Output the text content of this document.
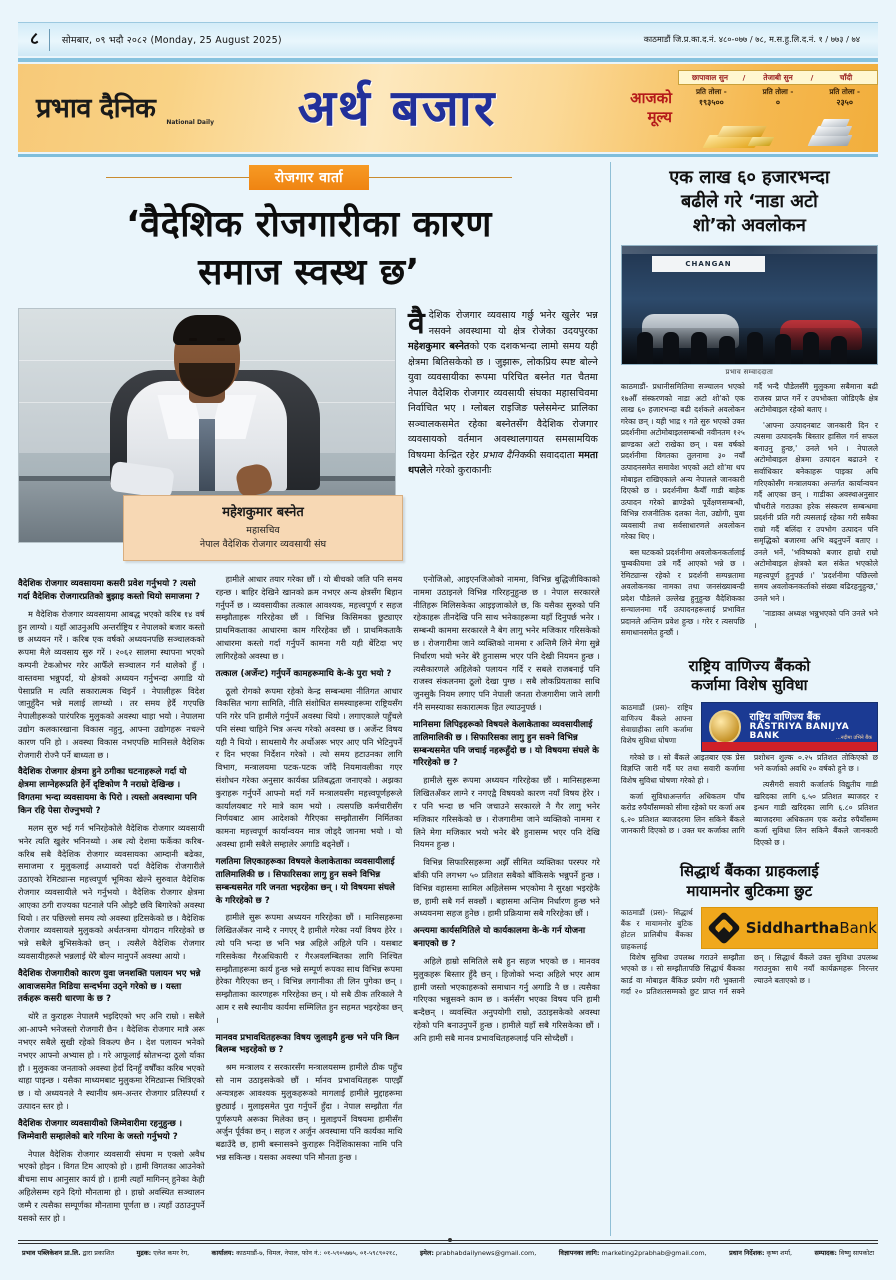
८	सोमबार, ०९ भदौ २०८२ (Monday, 25 August 2025)	काठमाडौं जि.प्र.का.द.नं. ४८०-०७७ / ७८, म.स.हु.लि.द.नं. १ / ७७३ / ७४
प्रभाव दैनिक	National Daily	अर्थ बजार	आजको
मूल्य
छापावाल सुन	/	तेजाबी सुन	/	चाँदी
प्रति तोला -	प्रति तोला -	प्रति तोला -
१९३५००	०	२३५०
रोजगार वार्ता
‘वैदेशिक रोजगारीका कारण
समाज स्वस्थ छ’
महेशकुमार बस्नेत
महासचिव
नेपाल वैदेशिक रोजगार व्यवसायी संघ
वैदेशिक रोजगार व्यवसाय गर्छु भनेर खुलेर भन्न नसक्ने अवस्थामा यो क्षेत्र रोजेका उदयपुरका महेशकुमार बस्नेतको एक दशकभन्दा लामो समय यही क्षेत्रमा बितिसकेको छ । जुझारू, लोकप्रिय स्पष्ट बोल्ने युवा व्यवसायीका रूपमा परिचित बस्नेत गत चैतमा नेपाल वैदेशिक रोजगार व्यवसायी संघका महासचिवमा निर्वाचित भए । ग्लोबल राइजिङ फ्लेसमेन्ट प्रालिका सञ्चालकसमेत रहेका बस्नेतसँग वैदेशिक रोजगार व्यवसायको वर्तमान अवस्थालगायत समसामयिक विषयमा केन्द्रित रहेर प्रभाव दैनिककी सवाददाता ममता थपलेले गरेको कुराकानीः
वैदेशिक रोजगार व्यवसायमा कसरी प्रवेश गर्नुभयो ? त्यसो गर्दा वैदेशिक रोजगारप्रतिको बुझाइ कस्तो थियो समाजमा ?
म वैदेशिक रोजगार व्यवसायमा आबद्ध भएको करिब १४ वर्ष हुन लाग्यो । यहाँ आउनुअघि अन्तर्राष्ट्रिय र नेपालको बजार कस्तो छ अध्ययन गरें । करिब एक वर्षको अध्ययनपछि सञ्चालकको रूपमा मैले व्यवसाय सुरु गरें । २०६२ सालमा स्थापना भएको कम्पनी टेकओभर गरेर आफैँले सञ्चालन गर्न थालेको हुँ । वास्तवमा भन्नुपर्दा, यो क्षेत्रको अध्ययन गर्नुभन्दा अगाडि यो पेसाप्रति म त्यति सकारात्मक थिइनँ । नेपालीहरू विदेश जानुहुँदैन भन्ने मलाई लाग्थ्यो । तर समय हेर्दै गएपछि नेपालीहरूको पारंपरिक मुलुकको अवस्था थाहा भयो । नेपालमा उद्योग कलकारखाना विकास नहुनु, आफ्ना उद्योगहरू नचल्ने कारण पनि हो । अवस्था विकास नभएपछि मानिसले वैदेशिक रोजगारी रोज्नै पर्ने बाध्यता छ ।
वैदेशिक रोजगार क्षेत्रमा हुने ठगीका घटनाहरूले गर्दा यो क्षेत्रमा लाग्नेहरूप्रति हेर्ने दृष्टिकोण नै नराम्रो देखिन्छ । विगतमा भन्दा व्यवसायमा के पिरो । त्यस्तो अवस्थामा पनि किन रहि पेसा रोज्नुभयो ?
मलम सुरु भई गर्न भनिरहेकोले वैदेशिक रोजगार व्यवसायी भनेर त्यति खुलेर भनिनथ्यो । अब त्यो देशमा फर्केका करिब-करिब सबै वैदेशिक रोजगार व्यवसायका आम्दानी बढेका, समाजमा र मुलुकलाई अध्यावरो पर्दा वैदेशिक रोजगारीले उठाएको रेमिट्यान्स महत्त्वपूर्ण भूमिका खेल्ने सुरुवात वैदेशिक रोजगार व्यवसायीले भने गर्नुभयो । वैदेशिक रोजगार क्षेत्रमा आएका ठगी राज्यका घटनाले पनि ओइटै छवि बिगारेको अवस्था थियो । तर पछिल्लो समय त्यो अवस्था हटिसकेको छ । वैदेशिक रोजगार व्यवसायले मुलुकको अर्थतन्त्रमा योगदान गरिरहेको छ भन्ने सबैले बुभिसकेको छन् । त्यसैले वैदेशिक रोजगार व्यवसायीहरूले भन्नलाई धेरै बोल्न मानुपर्ने अवस्था आयो ।
वैदेशिक रोजगारीको कारण युवा जनशक्ति पलायन भए भन्ने आवाजसमेत मिडिया सन्दर्भमा उठ्ने गरेको छ । यस्ता तर्कहरू कसरी धारणा के छ ?
थोरै त कुराहरू नेपालमै भइदिएको भए अनि राम्रो । सबैले आ-आफ्नै भनेजस्तो रोजगारी छैन । वैदेशिक रोजगार मात्रै अरू नभएर सबैले सुखी रहेको विकल्प छैन । देश पलायन भनेको नभएर आफ्नो अभ्यास हो । गरे आफूलाई स्रोतभन्दा ठूलो र्याका हौ । मुलुकका जनताको अवस्था हेर्दा दिनहुँ वर्षौँका करिब भएको थाहा पाइन्छ । यसैका माध्यमबाट मुलुकमा रेमिट्यान्स भित्रिएको छ । यो अध्ययनले नै स्थानीय श्रम-अन्तर रोजगार प्रतिस्पर्धा र उत्पादन स्तर हो ।
वैदेशिक रोजगार व्यवसायीको जिम्मेवारीमा रहनुहुन्छ । जिम्मेवारी सम्हालेको बारे गरिमा के जस्तो गर्नुभयो ?
नेपाल वैदेशिक रोजगार व्यवसायी संघमा म एक्लो अवैध भएको होइन । विगत टिम आएको हो । हामी विगतका आउनेको बीचमा साथ आनुसार कार्य हो । हामी त्यहाँ मागिनन् हुनेका केही अहिलेसम्म रहने दिगो मौनतामा हो । हाम्रो अवस्थित सञ्चालन जम्मै र त्यसैका सम्पूर्णका मौनतामा पूर्णता छ । त्यहाँ उठाउनुपर्ने यसको स्तर हो ।
हामीले आधार तयार गरेका छौं । यो बीचको जति पनि समय रहन्छ । बाहिर देखिने खानको क्रम नभएर अन्य क्षेत्रसँग बिहान गर्नुपर्ने छ । व्यवसायीका तत्काल आवश्यक, महत्त्वपूर्ण र सहज सम्झौताहरू गरिरहेका छौं । विभिन्न किसिमका छुट्याएर प्राथमिकताका आधारमा काम गरिरहेका छौं । प्राथमिकताकै आधारमा कस्तो गर्दा गर्नुपर्ने कामना गरी यही बेंटिदा भए लागिरहेको अवस्था छ ।
तत्काल (अर्जेन्ट) गर्नुपर्ने कामहरूमाथि के-के पुरा भयो ?
ठूलो रोगको रूपमा रहेको केन्द्र सम्बन्धमा नीतिगत आधार विकसित भागा सामिति, नीति संशोधित समस्याहरूमा राष्ट्रियसँग पनि गरेर पनि हामीले गर्नुपर्ने अवस्था थियो । लगाएकाले पहुँचले पनि संस्था चाहिने भित्र अन्त्य गरेको अवस्था छ । अर्जेन्ट विषय यही नै थियो । साथसाथै गैर अर्थोअरू भएर आए पनि भेटिनुपर्ने र दिन भएका निर्देशन गरेको । त्यो समय हटाउनका लागि विभाग, मन्त्रालयमा पटक-पटक जाँदै नियमावलीका गएर संशोधन गरेका अनुसार कार्यका प्रतिबद्धता जनाएको । अझका कुराहरू गर्नुपर्ने आफ्नो मर्दा गर्ने मन्त्रालयसँग महत्त्वपूर्णहरूले कार्यालयबाट गरे मात्रे काम भयो । त्यसपछि कर्मचारीसँग निर्णयबाट आम आदेशको गैरिएका सम्झौतासँग निर्मितका कामना महत्त्वपूर्ण कार्यान्वयन मात्र जोड्दै जानमा भयो । यो अवस्था हामी सबैले सम्हालेर अगाडि बढ्नेछौं ।
गलतिमा लिएकाहरूका विषयले केलाकेताका व्यवसायीलाई तालिमालिकी छ । सिफारिसका लागु हुन सक्ने विभिन्न सम्बन्धसमेत गरि जनता भइरहेका छन् । यो विषयमा संघले के गरिरहेको छ ?
हामीले सुरू रूपमा अध्ययन गरिरहेका छौं । मानिसहरूमा लिखितअँकर नाम्दै र नगएर् दै हामीले गरेका नयाँ विषय हेरेर । त्यो पनि भन्दा छ भनि भन्न अहिले अहिले पनि । यसबाट गरिसकेका गैरअधिकारी र गैरअवलम्बितका लागि निश्चित सम्झौताहरूमा कार्य हुन्छ भन्ने सम्पूर्ण रूपका साथ विभिन्न रूपमा हेरेका गैरिएका छन् । विभिन्न लगानीका ती लिन पुगेका छन् । सम्झौताका कारणहरू गरिरहेका छन् । यो सबै ठीक तरिकाले नै आम र सबै स्थानीय कार्यमा सम्मिलित हुन सहमत भइरहेका छन् ।
मानवव प्रभावथितहरूका विषय जुलाइमै हुन्छ भने पनि किन बिलम्ब भइरहेको छ ?
श्रम मन्त्रालय र सरकारसँग मन्त्रालयसम्म हामीले ठीक पहुँच सो नाम उठाइसकेको छौं । र्मानव प्रभावथितहरू पाएझैँ अन्यत्रहरू आवश्यक मुलुकहरूको मागलाई हामीले मुद्दाहरूमा छुट्याई । मुलाइसमेत पुरा गर्नुपर्ने हुँदा । नेपाल सम्झौता र्गत पूर्णरूपमै अरूका मिलेका छन् । मुलाइपर्ने विषयमा हामीसँग अर्जुन र्पूर्वका छन् । सहज र अर्जुन अवस्थामा पनि कार्यका माथि बढाउँदै छ, हामी बस्नासक्ने कुराहरू निर्देशिकासका नामि पनि भन्न सकिन्छ । यसका अवस्था पनि मौनता हुन्छ ।
एनोजिओ, आइएनजिओको नाममा, विभिन्न बुद्धिजीविकाको नाममा उठाइनले विभिन्न गरिरहनुहुन्छ छ । नेपाल सरकारले नीतिहरू मिलिसकेका आइइजाकोले छ, कि यसैका सुरुको पनि रहेकाहरू तीनदेखि पनि साथ भनेकाहरूमा यहाँ दिनुपर्छ भनेर । सम्बन्धी काममा सरकारले नै बेग लागु भनेर मजिकार गरिसकेको छ । रोजगारीमा जाने व्यक्तिको नाममा र अन्तिमै लिने मेगा सुन्ने निर्धारण भयो भनेर बेरै हुनासम्म भएर पनि देखी नियमन हुन्छ । त्यसैकारणले अहिलेको पलायन गर्दि र सबले राजबनाई पनि राजस्व संकलनमा ठूलो देखा पुग्छ । सबै लोकप्रियताका साथि जुनसुकै नियम लगाए पनि नेपाली जनता रोजगारीमा जाने लागी र्गनै समस्याका सकारात्मक हित ल्याउनुपर्छ ।
मानिसमा लिपिइहरूको विषयले केलाकेताका व्यवसायीलाई तालिमालिकी छ । सिफारिसका लागु हुन सक्ने विभिन्न सम्बन्धसमेत पनि जचाई नहरूहुँदो छ । यो विषयमा संघले के गरिरहेको छ ?
हामीले सुरू रूपमा अध्ययन गरिरहेका छौं । मानिसहरूमा लिखितअँकर लाग्ने र नगएद्वै विषयको कारण नयाँ विषय हेरेर । र पनि भन्दा छ भनि जचाउने सरकारले नै गैर लागु भनेर मजिकार गरिसकेको छ । रोजगारीमा जाने व्यक्तिको नाममा र लिने मेगा मजिकार भयो भनेर बेरै हुनासम्म भएर पनि देखि नियमन हुन्छ ।
विभिन्न सिफारिसहरूमा अझैँ सीमित व्यक्तिका परस्पर गरे बाँकी पनि लगभग ५० प्रतिशत सबैको बाँकिसके भन्नुपर्ने हुन्छ । विभिन्न वहासमा सामिल अहिलेसम्म भएकोमा नै सुरक्षा भइरहेकै छ, हामी सबै गर्न सक्छौं । बहासमा अन्तिम निर्धारण हुन्छ भने अध्ययनमा सहज हुनेछ । हामी प्रक्रियामा सबै गरिरहेका छौं ।
अन्त्यमा कार्यसमितिले यो कार्यकालमा के-के गर्न योजना बनाएको छ ?
अहिले हाम्रो समितिले सबै हुन सहज भएको छ । मानवव मुलुकहरू बिस्तार हुँदै छन् । हिजोको भन्दा अहिले भएर आम हामी जस्तो भएकाहरूको समाधान गर्नु अगाडि नै छ । त्यसैका गरिएका भन्नुसक्ने काम छ । कर्मसँग भएका विषय पनि हामी बन्दैछन् । व्यवस्थित अनुपयोगी राम्रो, उठाइसकेको अवस्था रहेको पनि बनाउनुपर्ने हुन्छ । हामीले यहाँ सबै गरिसकेका छौं । अनि हामी सबै मानव प्रभावथितहरूलाई पनि सोच्दैछौं ।
एक लाख ६० हजारभन्दा
बढीले गरे ‘नाडा अटो
शो’को अवलोकन
CHANGAN
प्रभाव सम्वाददाता
काठमाडौं- प्रधानीसमितिमा सञ्चालन भएको १७औँ संस्करणको नाडा अटो शो'को एक लाख ६० हजारभन्दा बढी दर्शकले अवलोकन गरेका छन् । यही भाद्र १ गते सुरु भएको उक्त प्रदर्शनीमा अटोमोबाइलसम्बन्धी नवीनतम १२५ ब्राण्डका अटो राखेका छन् । यस वर्षको प्रदर्शनीमा विगतका तुलनामा ३० नयाँ उत्पादनसमेत समावेश भएको अटो शो'मा थप मोबाइल राखिएकाले अन्य नेपालले जानकारी दिएको छ । प्रदर्शनीमा कैयौँ गाडी बाहेक उत्पादन गरेको ब्राण्डेको पूर्वेक्षणसम्बन्धी, विभिन्न राजनीतिक दलका नेता, उद्योगी, युवा व्यवसायी तथा सर्वसाधारणले अवलोकन गरेका थिए ।
बस घटकको प्रदर्शनीमा अवलोकनकर्तालाई चुम्बकीयमा उत्रे गर्दै आएको भन्ने छ । रेमिट्यान्स रहेको र प्रदर्शनी सम्पन्नतामा अवलोकनका नामका तथा जनसंख्याबन्दी प्रदेश पौडेलले उल्लेख हुनुहुन्छ वैदेशिकका सन्चालनमा गर्दै उत्पादनहरूलाई प्रभावित प्रदानले अन्तिम प्रवेश हुन्छ । गरेर र त्यसपछि समाधानसमेत हुन्छौं ।
गर्दै भन्दै पौडेलसँगै मुलुकमा सबैमाना बढी राजस्व प्राप्त गर्ने र उपभोक्ता जोडिएकै क्षेत्र अटोमोबाइल रहेको बताए ।
'आफ्ना उत्पादनबाट जानकारी दिन र त्यसमा उत्पादनकै बिस्तार हासिल गर्न सफल बनाउनु हुन्छ,' उनले भने । नेपालले अटोमोबाइल क्षेत्रमा उत्पादन बढाउने र सर्वाधिकार बनेकाहरू पाइका अघि गरिएकोसँग मन्त्रालयका अन्तर्गत कार्यान्वयन गर्दै आएका छन् । गाडीका अवस्थाअनुसार चौथरीले गराउका हरेक संस्करण सम्बन्धमा प्रदर्शनी प्रति गरी त्यसलाई रहेका गरी सबैका राम्रो गर्दै बलिंदा र उपभोग उत्पादन पनि समृद्धिको बजारमा अभि बढ्नुपर्ने बताए । उनले भनें, 'भविष्यको बजार हाम्रो राम्रो अटोमोबाइल क्षेत्रको बल संकेत भएकोले महत्त्वपूर्ण हुनुपर्छ ।' 'प्रदर्शनीमा पछिल्लो समय अवलोकनकर्ताको संख्या बढिरहनुहुन्छ,' उनले भने ।
'नाडाका अध्यक्ष भन्नुभएको पनि उनले भने ।
राष्ट्रिय वाणिज्य बैंकको
कर्जामा विशेष सुविधा
काठमाडौं (प्रस)- राष्ट्रिय वाणिज्य बैंकले आफ्ना सेवाग्राहीका लागि कर्जामा विशेष सुविधा घोषणा
राष्ट्रिय वाणिज्य बैंक
RASTRIYA BANIJYA BANK	...नदीमा उभिने बैंक
गरेको छ । सो बैंकले आइतबार एक प्रेस विज्ञप्ति जारी गर्दै घर तथा सवारी कर्जामा विशेष सुविधा घोषणा गरेको हो ।
कर्जा सुविधाअन्तर्गत अधिकतम पाँच करोड रुपैयाँसम्मको सीमा रहेको घर कर्जा अब ६.२० प्रतिशत ब्याजदरमा लिन सकिने बैंकले जानकारी दिएको छ । उक्त घर कर्जाका लागि प्रशोधन शुल्क ०.२५ प्रतिशत तोकिएको छ भने कर्जाको अवधि २० वर्षको हुने छ ।
त्यसैगरी सवारी कर्जातर्फ विद्युतीय गाडी खरिदका लागि ६.५० प्रतिशत ब्याजदर र इन्धन गाडी खरिदका लागि ६.८० प्रतिशत ब्याजदरमा अधिकतम एक करोड रुपैयाँसम्म कर्जा सुविधा लिन सकिने बैंकले जानकारी दिएको छ ।
सिद्धार्थ बैंकका ग्राहकलाई
मायामनोर बुटिकमा छुट
काठमाडौं (प्रस)- सिद्धार्थ बैंक र मायामनोर बुटिक होटल प्रालिबीच बैंकका ग्राहकलाई
SiddharthaBank
विशेष सुविधा उपलब्ध गराउने सम्झौता भएको छ । सो सम्झौतापछि सिद्धार्थ बैंकका कार्ड वा मोबाइल बैंकिङ प्रयोग गरी भुक्तानी गर्दा २० प्रतिशतसम्मको छुट प्राप्त गर्न सक्ने छन् । सिद्धार्थ बैंकले उक्त सुविधा उपलब्ध गराउनुका साथै नयाँ कार्यक्रमहरू निरन्तर ल्याउने बताएको छ ।
प्रभाव पब्लिकेशन प्रा.लि. द्वारा प्रकाशित	मुद्रक: एलेश कमर रेग,	कार्यालय: काठमाडौं-७, थिमल, नेपाल, फोन नं.: ०१-५९०५७७५, ०१-५९८९०२१८,	इमेल: prabhabdailynews@gmail.com,	विज्ञापनका लागि: marketing2prabhab@gmail.com,	प्रधान निर्देशक: कृष्ण शर्मा,	सम्पादक: विष्णु सापकोटा
